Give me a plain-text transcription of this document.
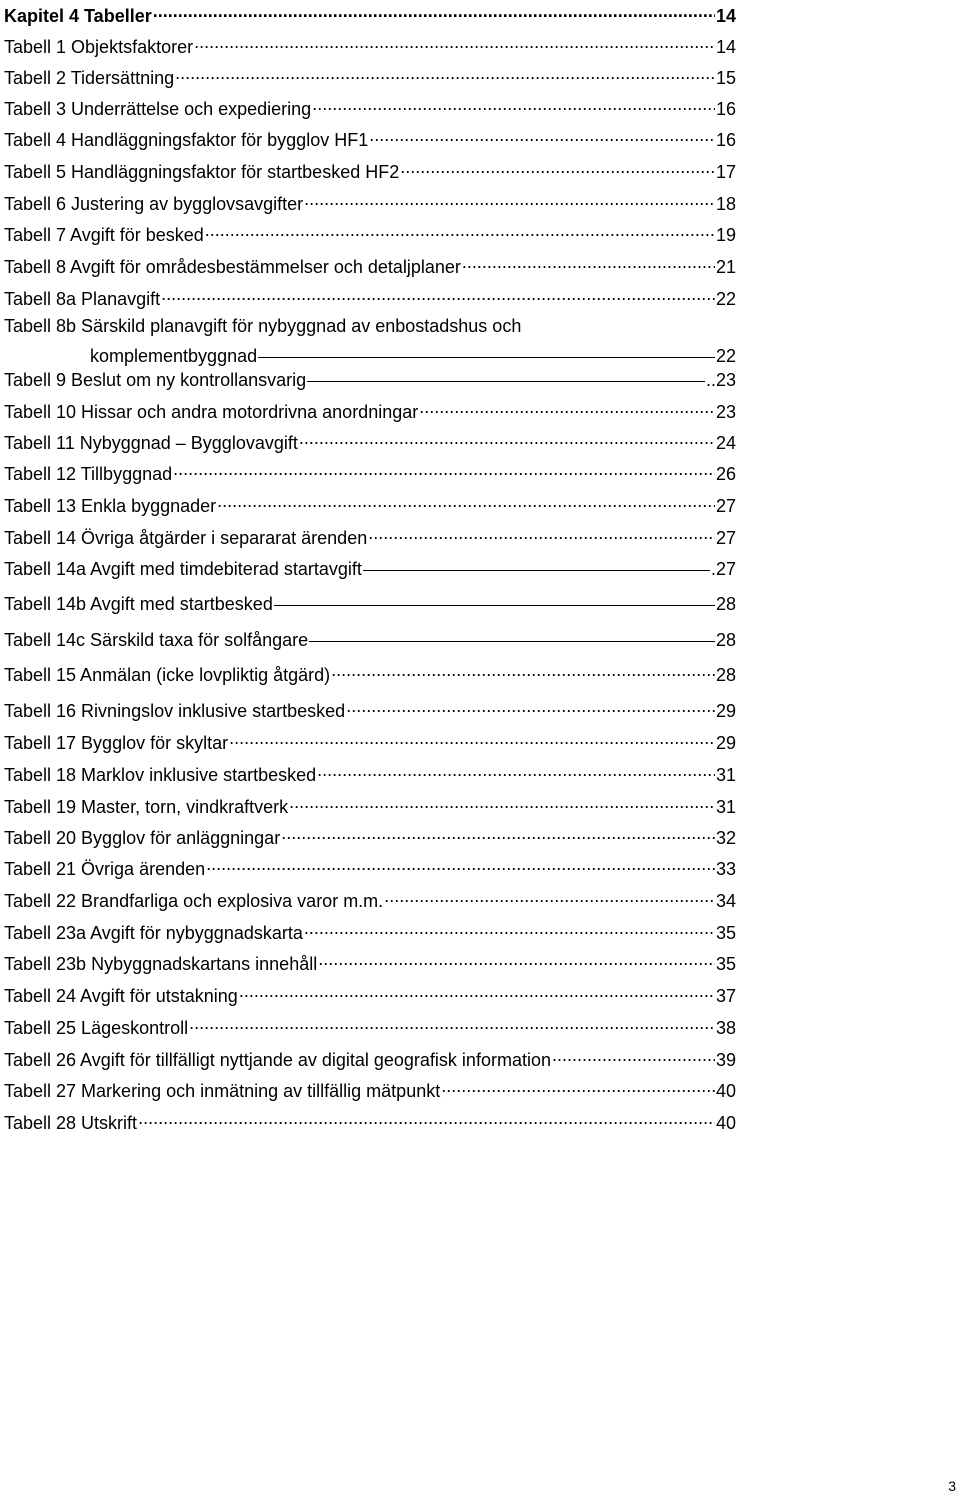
Kapitel 4 Tabeller .....	14
Tabell 1 Objektsfaktorer .....	14
Tabell 2 Tidersättning .....	15
Tabell 3 Underrättelse och expediering .....	16
Tabell 4 Handläggningsfaktor för bygglov HF1 .....	16
Tabell 5 Handläggningsfaktor för startbesked HF2 .....	17
Tabell 6 Justering av bygglovsavgifter .....	18
Tabell 7 Avgift för besked .....	19
Tabell 8 Avgift för områdesbestämmelser och detaljplaner .....	21
Tabell 8a Planavgift .....	22
Tabell 8b Särskild planavgift för nybyggnad av enbostadshus och
komplementbyggnad	22
Tabell 9 Beslut om ny kontrollansvarig	..23
Tabell 10 Hissar och andra motordrivna anordningar .....	23
Tabell 11 Nybyggnad – Bygglovavgift .....	24
Tabell 12 Tillbyggnad .....	26
Tabell 13 Enkla byggnader .....	27
Tabell 14 Övriga åtgärder i separarat ärenden .....	27
Tabell 14a Avgift med timdebiterad startavgift	.27
Tabell 14b Avgift med startbesked	28
Tabell 14c Särskild taxa för solfångare	28
Tabell 15 Anmälan (icke lovpliktig åtgärd) .....	28
Tabell 16 Rivningslov inklusive startbesked .....	29
Tabell 17 Bygglov för skyltar .....	29
Tabell 18 Marklov inklusive startbesked .....	31
Tabell 19 Master, torn, vindkraftverk .....	31
Tabell 20 Bygglov för anläggningar .....	32
Tabell 21 Övriga ärenden .....	33
Tabell 22 Brandfarliga och explosiva varor m.m. .....	34
Tabell 23a Avgift för nybyggnadskarta .....	35
Tabell 23b Nybyggnadskartans innehåll .....	35
Tabell 24 Avgift för utstakning .....	37
Tabell 25 Lägeskontroll .....	38
Tabell 26 Avgift för tillfälligt nyttjande av digital geografisk information .....	39
Tabell 27 Markering och inmätning av tillfällig mätpunkt .....	40
Tabell 28 Utskrift .....	40
3
